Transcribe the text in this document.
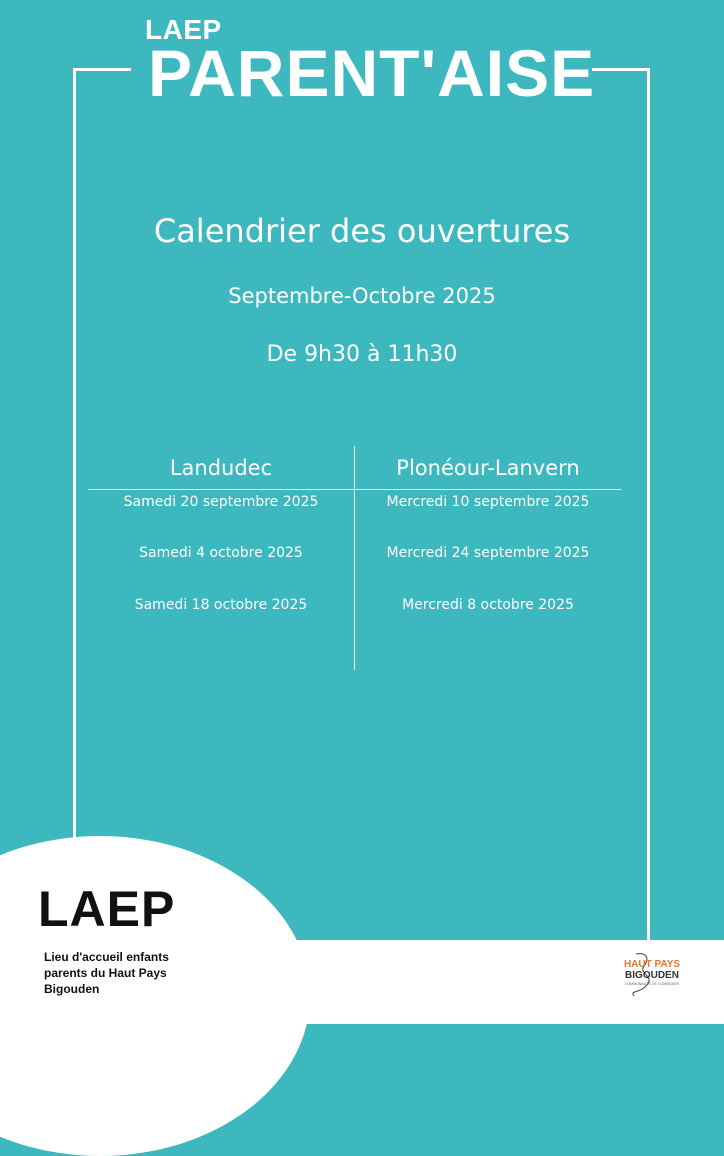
LAEP
PARENT'AISE
Calendrier des ouvertures
Septembre-Octobre 2025
De 9h30 à 11h30
Landudec	Plonéour-Lanvern
Samedi 20 septembre 2025
Samedi 4 octobre 2025
Samedi 18 octobre 2025
Mercredi 10 septembre 2025
Mercredi 24 septembre 2025
Mercredi 8 octobre 2025
LAEP
Lieu d'accueil enfants parents du Haut Pays Bigouden
HAUT PAYS
BIGOUDEN
COMMUNAUTÉ DE COMMUNES
